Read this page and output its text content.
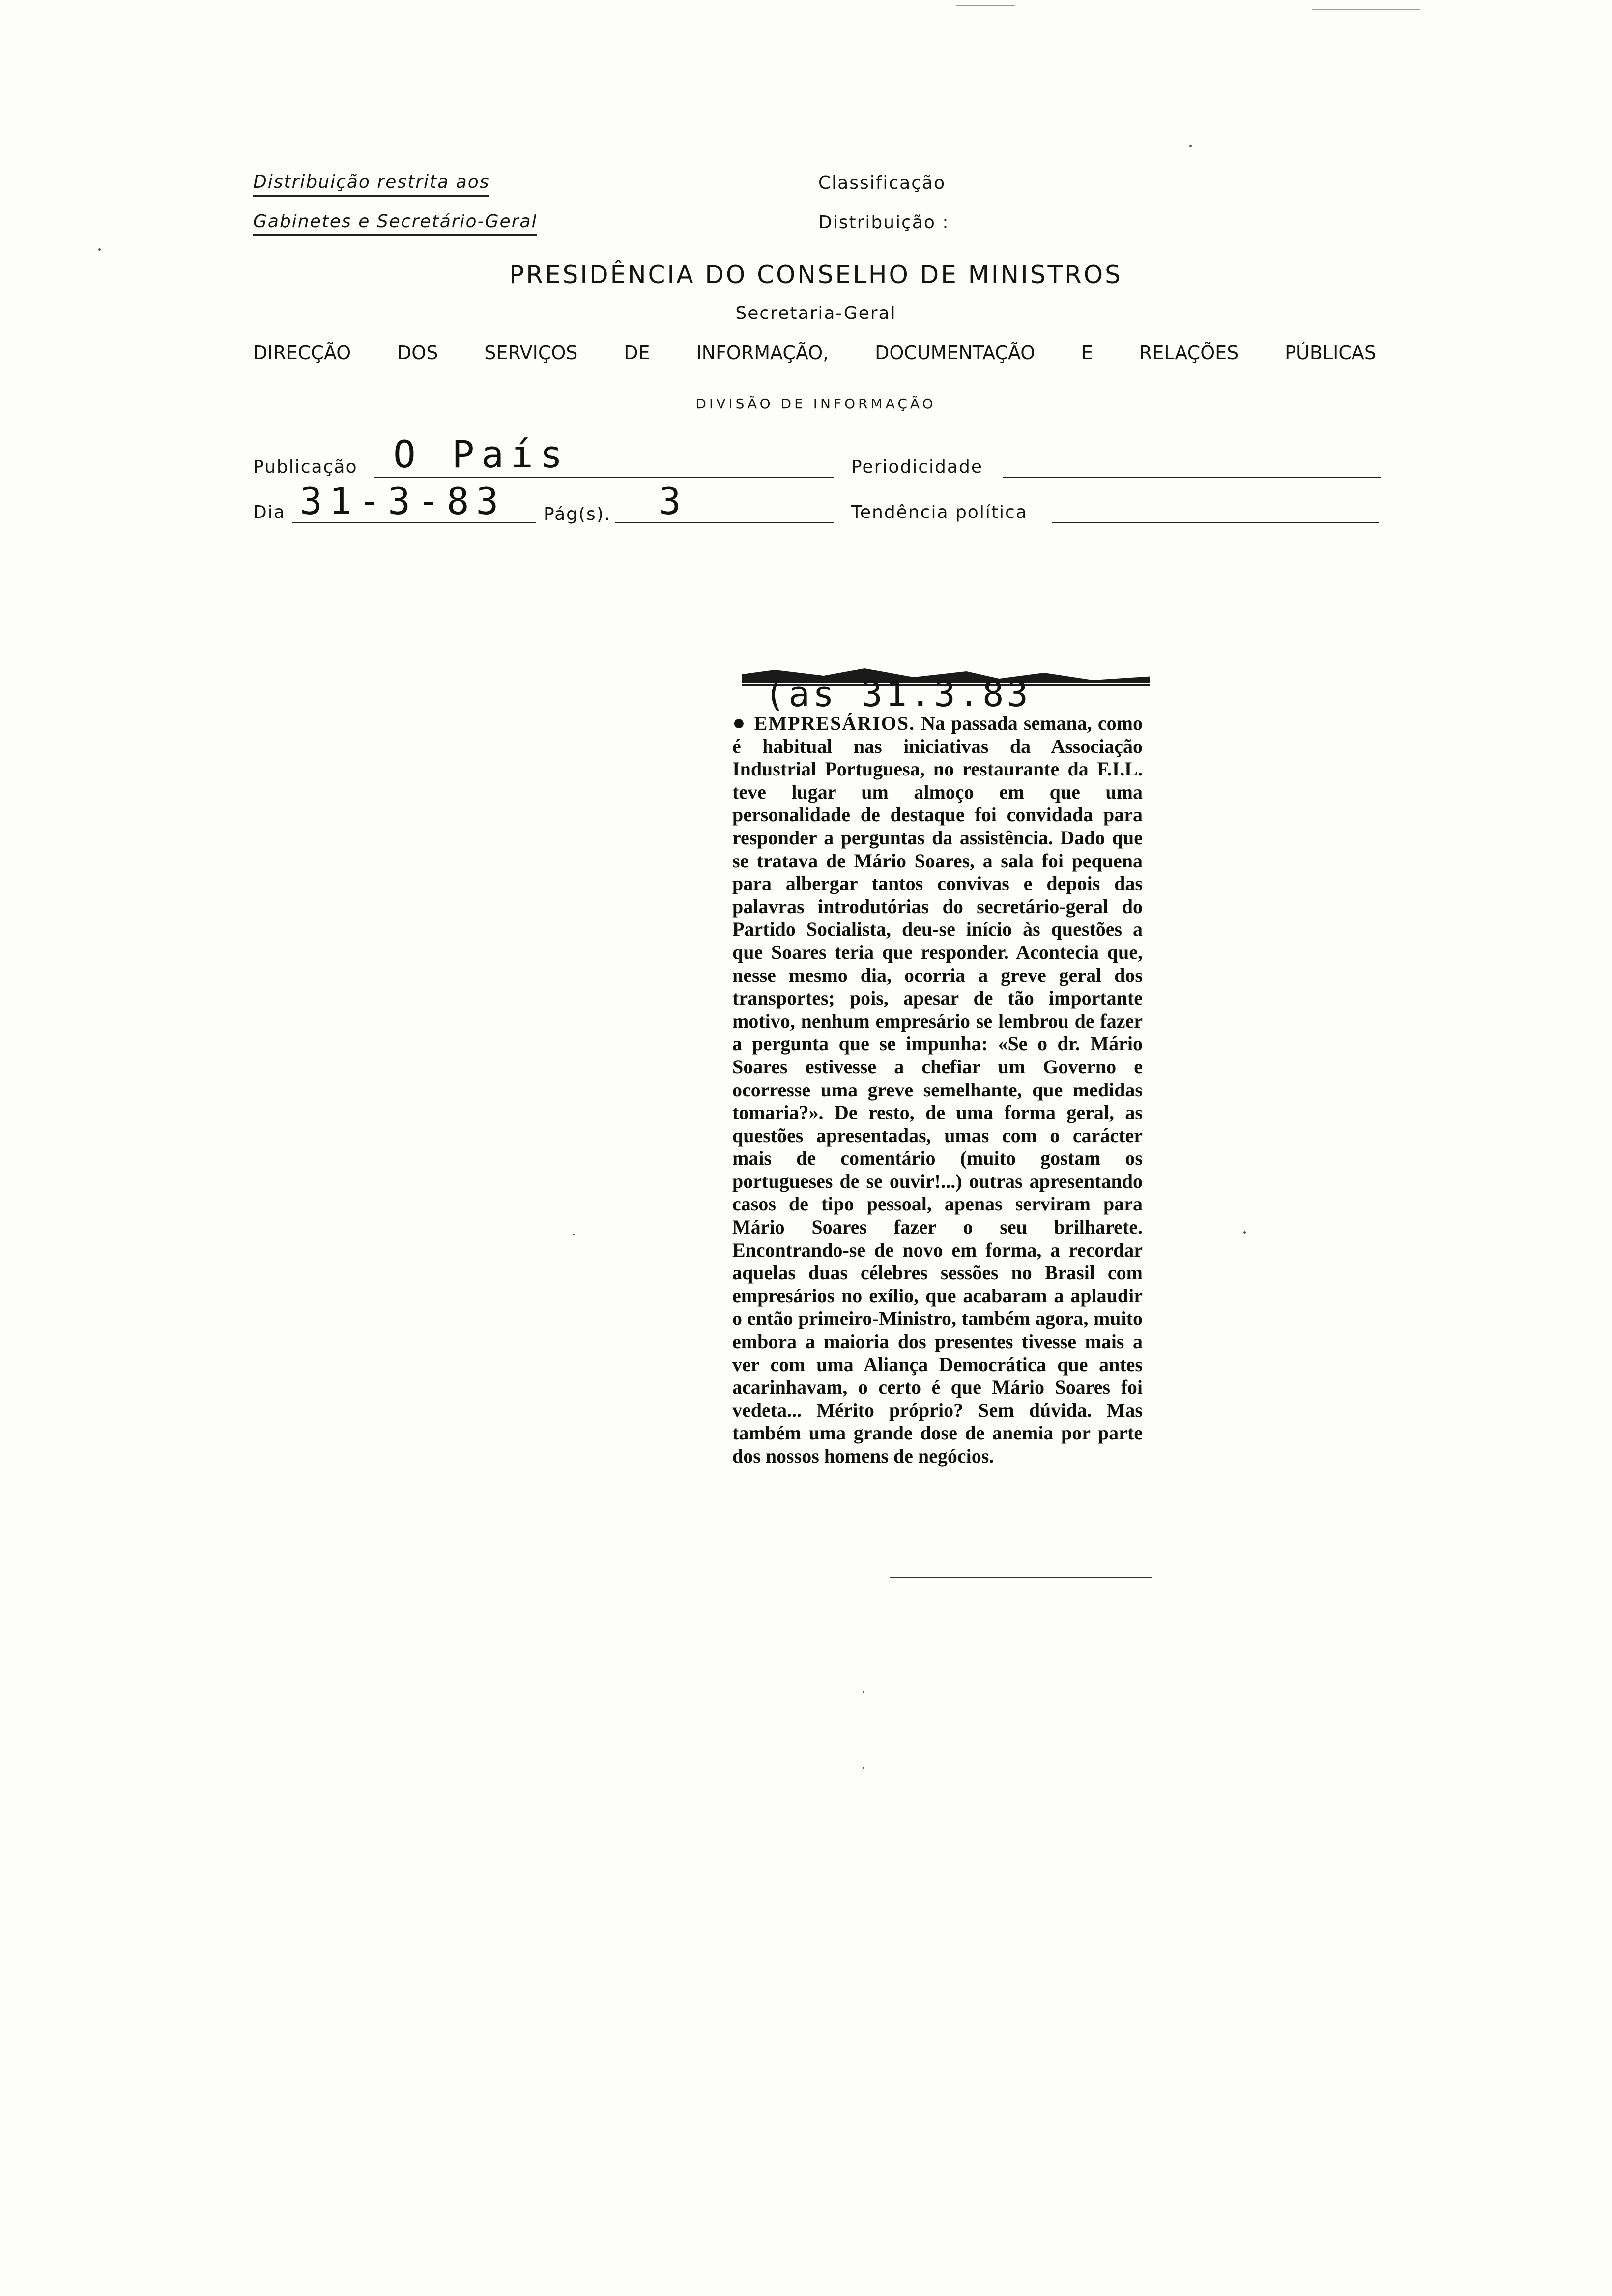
Distribuição restrita aos
Gabinetes e Secretário-Geral
Classificação
Distribuição :
PRESIDÊNCIA DO CONSELHO DE MINISTROS
Secretaria-Geral
DIRECÇÃO DOS SERVIÇOS DE INFORMAÇÃO, DOCUMENTAÇÃO E RELAÇÕES PÚBLICAS
DIVISÃO DE INFORMAÇÃO
Publicação O País	Periodicidade
Dia 31-3-83 Pág(s). 3	Tendência política
(as 31.3.83
● EMPRESÁRIOS. Na passada semana, como é habitual nas iniciativas da Associação Industrial Portuguesa, no restaurante da F.I.L. teve lugar um almoço em que uma personalidade de destaque foi convidada para responder a perguntas da assistência. Dado que se tratava de Mário Soares, a sala foi pequena para albergar tantos convivas e depois das palavras introdutórias do secretário-geral do Partido Socialista, deu-se início às questões a que Soares teria que responder. Acontecia que, nesse mesmo dia, ocorria a greve geral dos transportes; pois, apesar de tão importante motivo, nenhum empresário se lembrou de fazer a pergunta que se impunha: «Se o dr. Mário Soares estivesse a chefiar um Governo e ocorresse uma greve semelhante, que medidas tomaria?». De resto, de uma forma geral, as questões apresentadas, umas com o carácter mais de comentário (muito gostam os portugueses de se ouvir!...) outras apresentando casos de tipo pessoal, apenas serviram para Mário Soares fazer o seu brilharete. Encontrando-se de novo em forma, a recordar aquelas duas célebres sessões no Brasil com empresários no exílio, que acabaram a aplaudir o então primeiro-Ministro, também agora, muito embora a maioria dos presentes tivesse mais a ver com uma Aliança Democrática que antes acarinhavam, o certo é que Mário Soares foi vedeta... Mérito próprio? Sem dúvida. Mas também uma grande dose de anemia por parte dos nossos homens de negócios.
